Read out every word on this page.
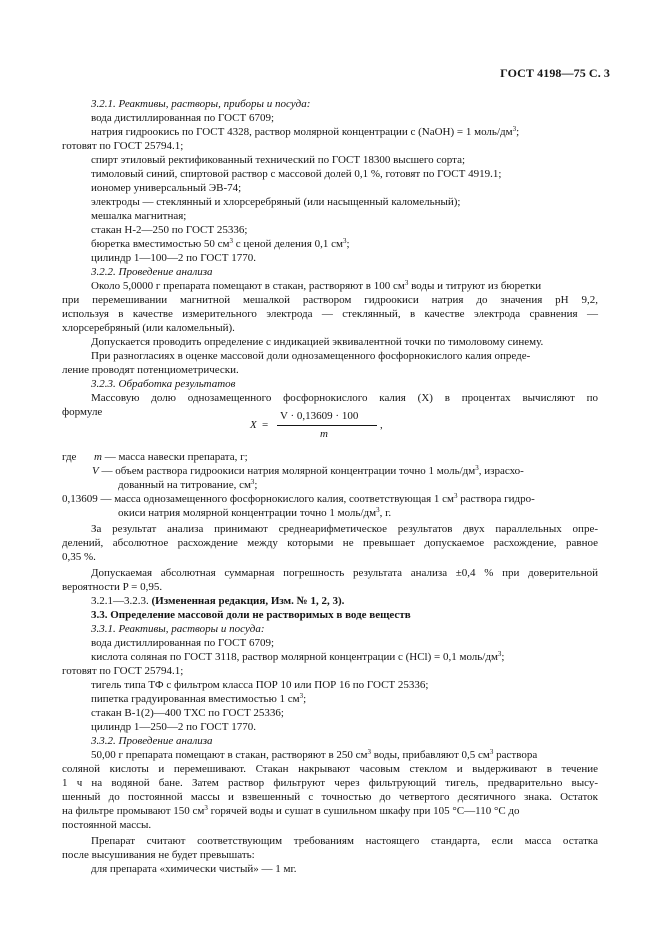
ГОСТ 4198—75 С. 3
3.2.1. Реактивы, растворы, приборы и посуда:
вода дистиллированная по ГОСТ 6709;
натрия гидроокись по ГОСТ 4328, раствор молярной концентрации c (NaOH) = 1 моль/$дм^3$;
готовят по ГОСТ 25794.1;
спирт этиловый ректификованный технический по ГОСТ 18300 высшего сорта;
тимоловый синий, спиртовой раствор с массовой долей 0,1 %, готовят по ГОСТ 4919.1;
иономер универсальный ЭВ-74;
электроды — стеклянный и хлорсеребряный (или насыщенный каломельный);
мешалка магнитная;
стакан Н-2—250 по ГОСТ 25336;
бюретка вместимостью 50 $см^3$ с ценой деления 0,1 $см^3$;
цилиндр 1—100—2 по ГОСТ 1770.
3.2.2. Проведение анализа
Около 5,0000 г препарата помещают в стакан, растворяют в 100 $см^3$ воды и титруют из бюретки
при перемешивании магнитной мешалкой раствором гидроокиси натрия до значения pH 9,2,
используя в качестве измерительного электрода — стеклянный, в качестве электрода сравнения —
хлорсеребряный (или каломельный).
Допускается проводить определение с индикацией эквивалентной точки по тимоловому синему.
При разногласиях в оценке массовой доли однозамещенного фосфорнокислого калия опреде-
ление проводят потенциометрически.
3.2.3. Обработка результатов
Массовую долю однозамещенного фосфорнокислого калия (X) в процентах вычисляют по
формуле
X =
V · 0,13609 · 100
m
,
где m — масса навески препарата, г;
V — объем раствора гидроокиси натрия молярной концентрации точно 1 моль/$дм^3$, израсхо-
дованный на титрование, $см^3$;
0,13609 — масса однозамещенного фосфорнокислого калия, соответствующая 1 $см^3$ раствора гидро-
окиси натрия молярной концентрации точно 1 моль/$дм^3$, г.
За результат анализа принимают среднеарифметическое результатов двух параллельных опре-
делений, абсолютное расхождение между которыми не превышает допускаемое расхождение, равное
0,35 %.
Допускаемая абсолютная суммарная погрешность результата анализа ±0,4 % при доверительной
вероятности P = 0,95.
3.2.1—3.2.3. (Измененная редакция, Изм. № 1, 2, 3).
3.3. Определение массовой доли не растворимых в воде веществ
3.3.1. Реактивы, растворы и посуда:
вода дистиллированная по ГОСТ 6709;
кислота соляная по ГОСТ 3118, раствор молярной концентрации c (HCl) = 0,1 моль/$дм^3$;
готовят по ГОСТ 25794.1;
тигель типа ТФ с фильтром класса ПОР 10 или ПОР 16 по ГОСТ 25336;
пипетка градуированная вместимостью 1 $см^3$;
стакан В-1(2)—400 ТХС по ГОСТ 25336;
цилиндр 1—250—2 по ГОСТ 1770.
3.3.2. Проведение анализа
50,00 г препарата помещают в стакан, растворяют в 250 $см^3$ воды, прибавляют 0,5 $см^3$ раствора
соляной кислоты и перемешивают. Стакан накрывают часовым стеклом и выдерживают в течение
1 ч на водяной бане. Затем раствор фильтруют через фильтрующий тигель, предварительно высу-
шенный до постоянной массы и взвешенный с точностью до четвертого десятичного знака. Остаток
на фильтре промывают 150 $см^3$ горячей воды и сушат в сушильном шкафу при 105 °С—110 °С до
постоянной массы.
Препарат считают соответствующим требованиям настоящего стандарта, если масса остатка
после высушивания не будет превышать:
для препарата «химически чистый» — 1 мг.
